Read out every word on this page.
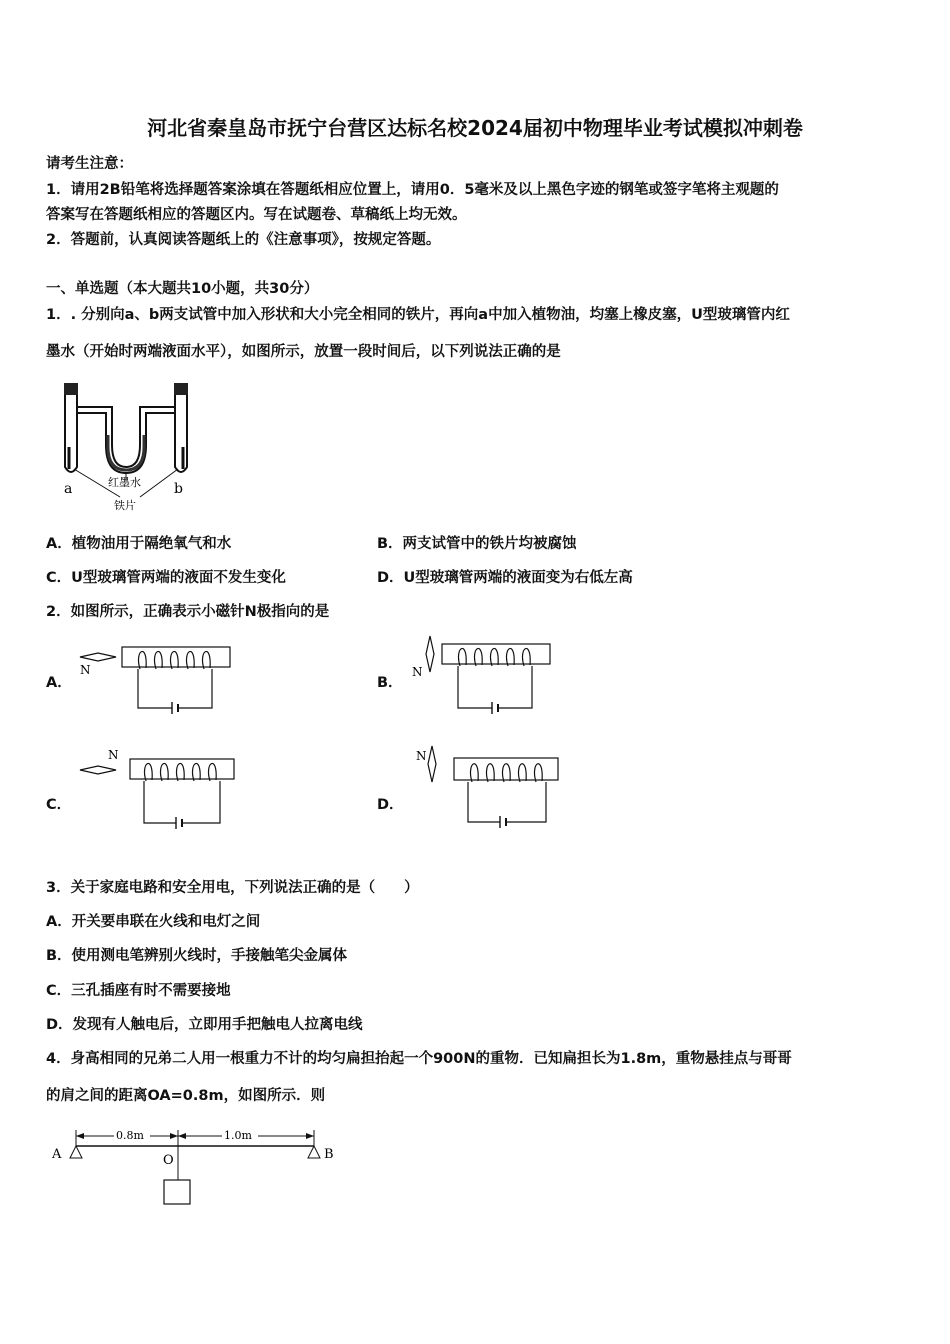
河北省秦皇岛市抚宁台营区达标名校2024届初中物理毕业考试模拟冲刺卷
请考生注意：
1．请用2B铅笔将选择题答案涂填在答题纸相应位置上，请用0．5毫米及以上黑色字迹的钢笔或签字笔将主观题的
答案写在答题纸相应的答题区内。写在试题卷、草稿纸上均无效。
2．答题前，认真阅读答题纸上的《注意事项》，按规定答题。
一、单选题（本大题共10小题，共30分）
1．. 分别向a、b两支试管中加入形状和大小完全相同的铁片，再向a中加入植物油，均塞上橡皮塞，U型玻璃管内红
墨水（开始时两端液面水平），如图所示，放置一段时间后，以下列说法正确的是
a	b
红墨水
铁片
A．植物油用于隔绝氧气和水	B．两支试管中的铁片均被腐蚀
C．U型玻璃管两端的液面不发生变化	D．U型玻璃管两端的液面变为右低左高
2．如图所示，正确表示小磁针N极指向的是
A．
N
B．
N
C．
N
D．
N
3．关于家庭电路和安全用电，下列说法正确的是（　　）
A．开关要串联在火线和电灯之间
B．使用测电笔辨别火线时，手接触笔尖金属体
C．三孔插座有时不需要接地
D．发现有人触电后，立即用手把触电人拉离电线
4．身高相同的兄弟二人用一根重力不计的均匀扁担抬起一个900N的重物．已知扁担长为1.8m，重物悬挂点与哥哥
的肩之间的距离OA=0.8m，如图所示．则
0.8m	1.0m
A	B
O
